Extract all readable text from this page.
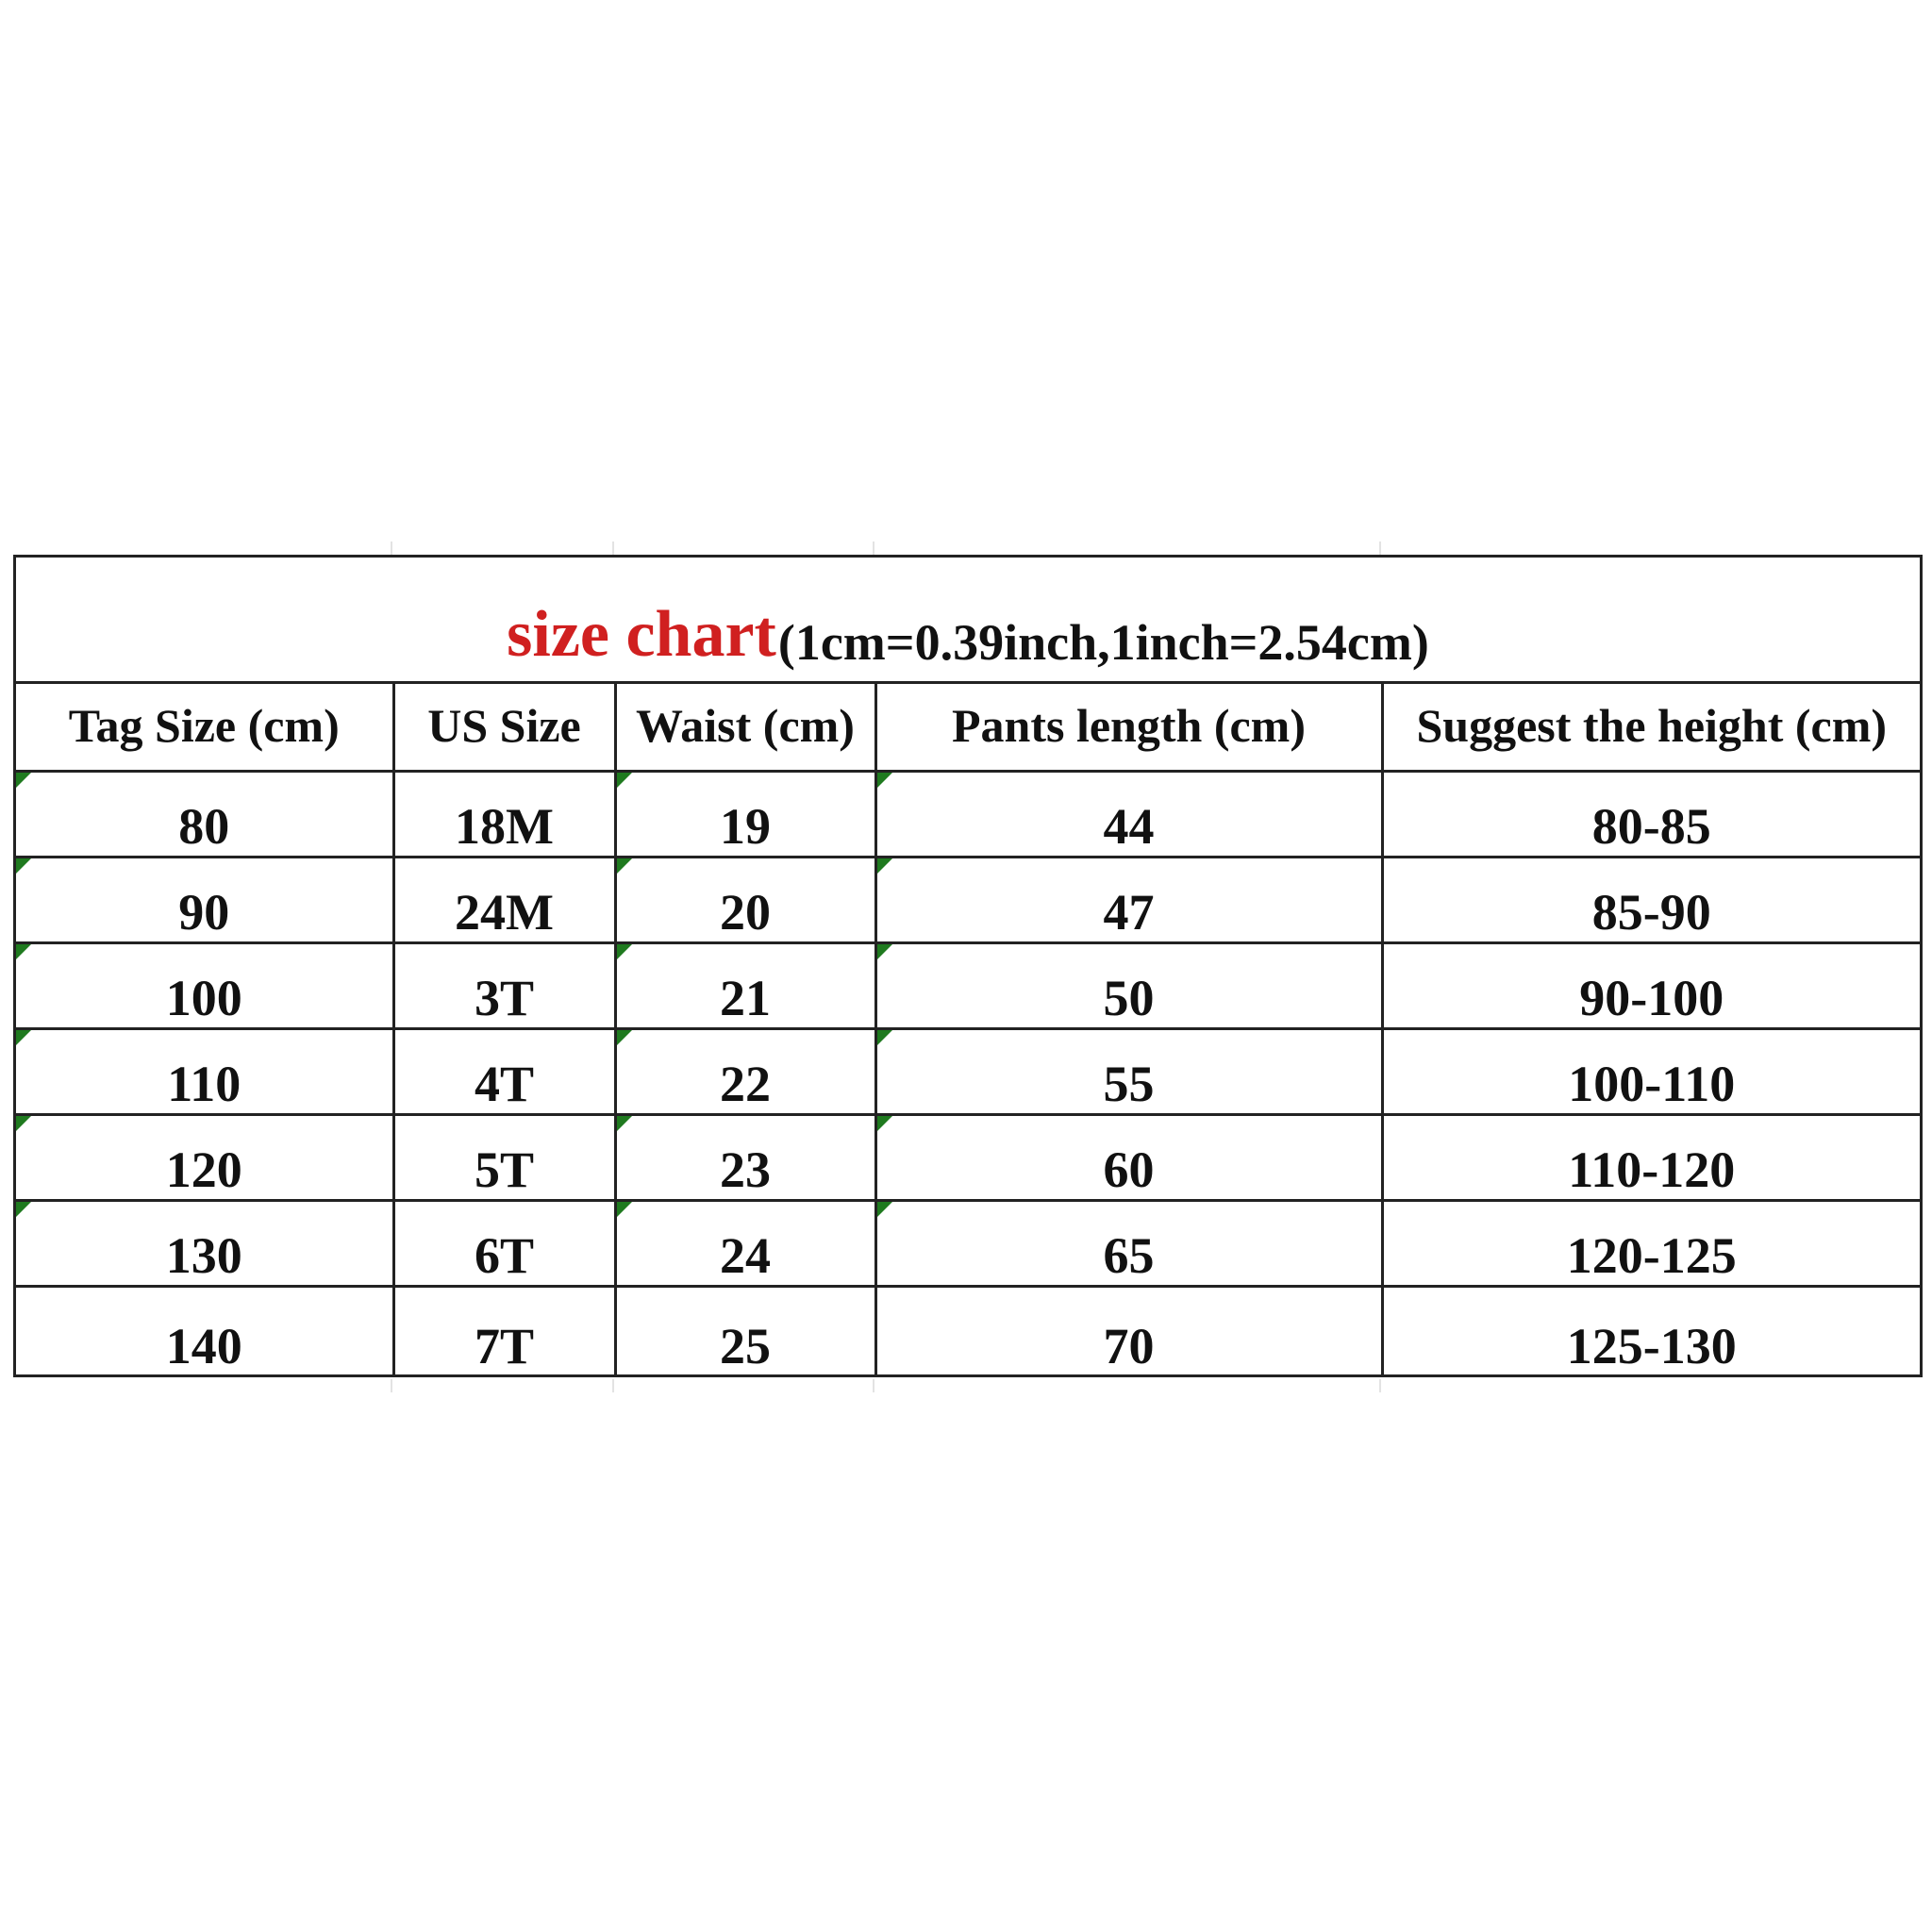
size chart (1cm=0.39inch,1inch=2.54cm)
Tag Size (cm)	US Size	Waist (cm)	Pants length (cm)	Suggest the height (cm)

80	18M	19	44	80-85

90	24M	20	47	85-90

100	3T	21	50	90-100

110	4T	22	55	100-110

120	5T	23	60	110-120

130	6T	24	65	120-125
140	7T	25	70	125-130
